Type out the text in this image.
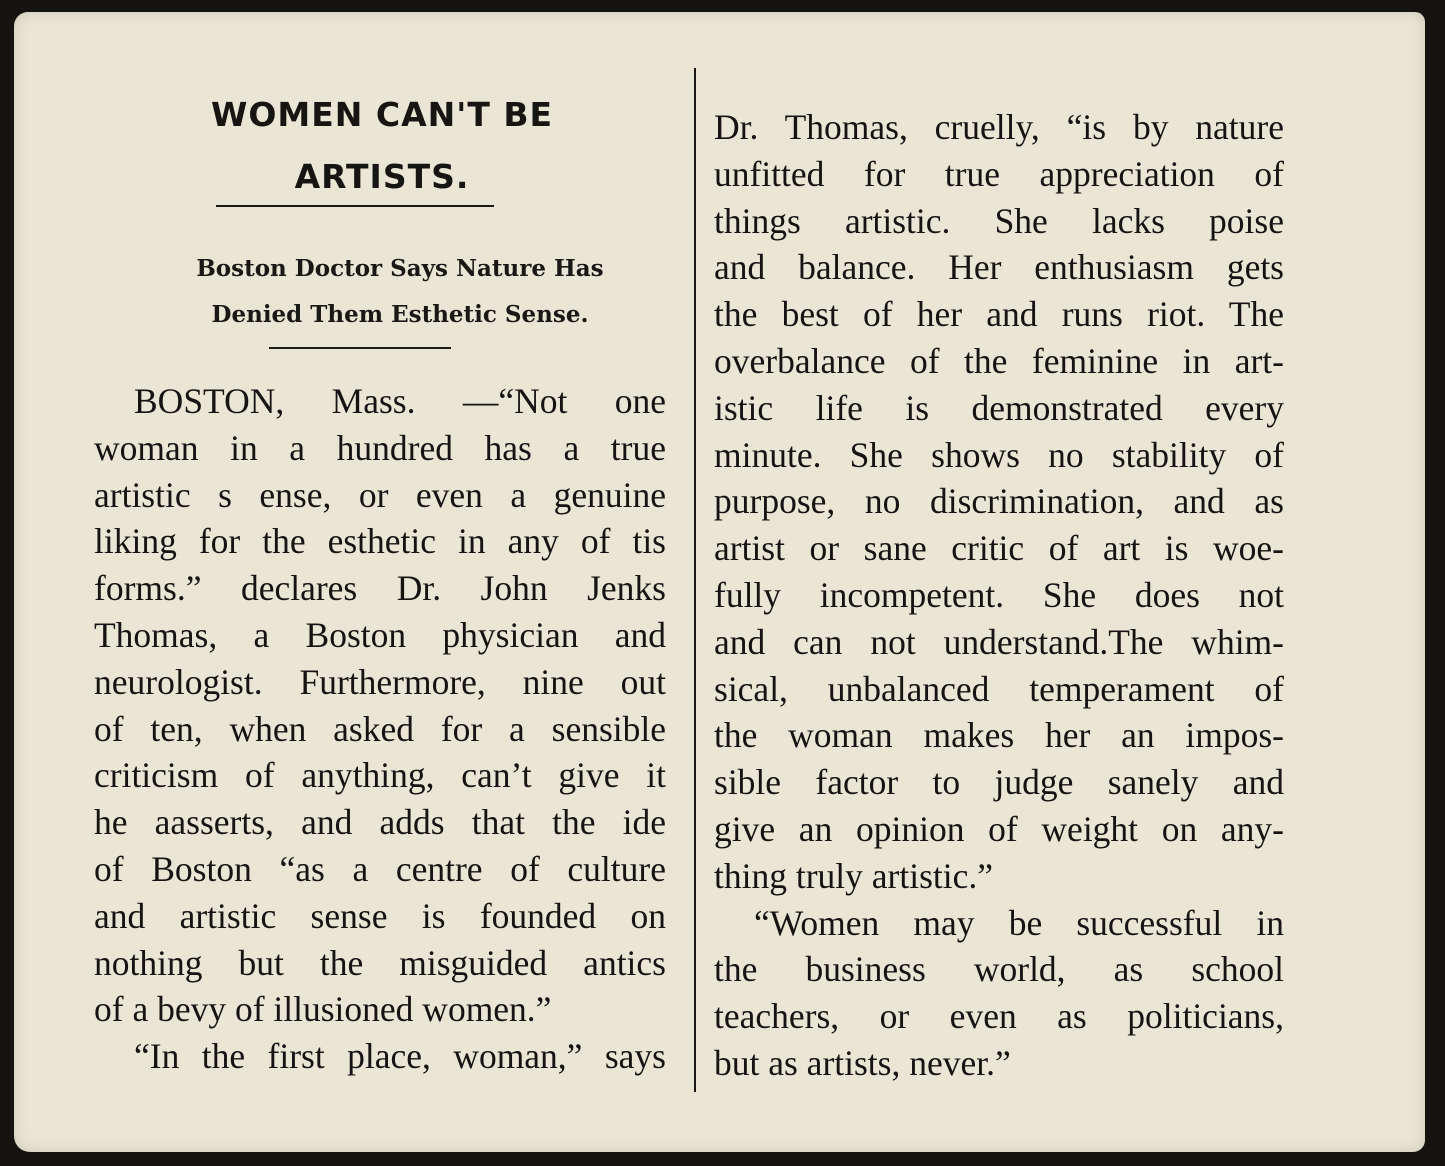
WOMEN CAN'T BE
ARTISTS.
Boston Doctor Says Nature Has
Denied Them Esthetic Sense.
BOSTON, Mass. —“Not one
woman in a hundred has a true
artistic s ense, or even a genuine
liking for the esthetic in any of tis
forms.” declares Dr. John Jenks
Thomas, a Boston physician and
neurologist. Furthermore, nine out
of ten, when asked for a sensible
criticism of anything, can’t give it
he aasserts, and adds that the ide
of Boston “as a centre of culture
and artistic sense is founded on
nothing but the misguided antics
of a bevy of illusioned women.”
“In the first place, woman,” says
Dr. Thomas, cruelly, “is by nature
unfitted for true appreciation of
things artistic. She lacks poise
and balance. Her enthusiasm gets
the best of her and runs riot. The
overbalance of the feminine in art-
istic life is demonstrated every
minute. She shows no stability of
purpose, no discrimination, and as
artist or sane critic of art is woe-
fully incompetent. She does not
and can not understand.The whim-
sical, unbalanced temperament of
the woman makes her an impos-
sible factor to judge sanely and
give an opinion of weight on any-
thing truly artistic.”
“Women may be successful in
the business world, as school
teachers, or even as politicians,
but as artists, never.”
